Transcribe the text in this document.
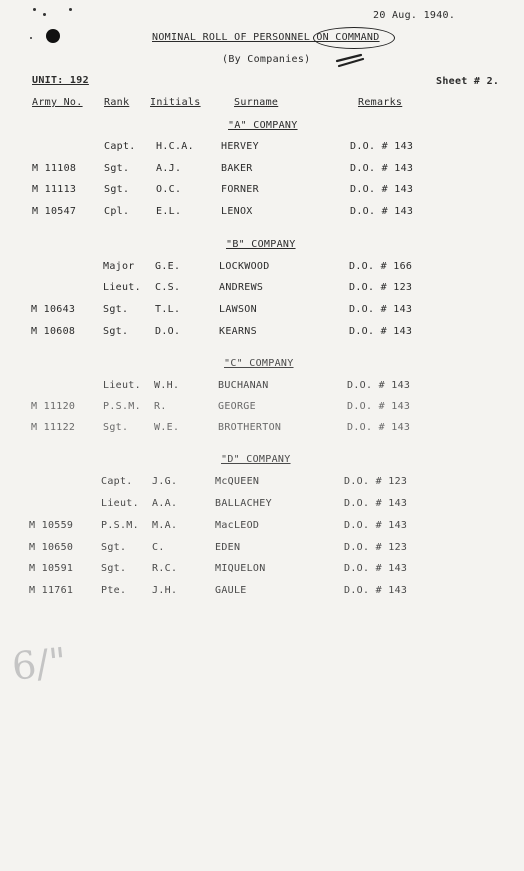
20 Aug. 1940.
NOMINAL ROLL OF PERSONNEL ON COMMAND
(By Companies)
UNIT: 192	Sheet # 2.
Army No. Rank Initials	Surname	Remarks
"A" COMPANY
Capt. H.C.A.	HERVEY	D.O. # 143
M 11108	Sgt.	A.J.	BAKER	D.O. # 143
M 11113	Sgt.	O.C.	FORNER	D.O. # 143
M 10547	Cpl.	E.L.	LENOX	D.O. # 143
"B" COMPANY
Major G.E.	LOCKWOOD	D.O. # 166
Lieut. C.S.	ANDREWS	D.O. # 123
M 10643	Sgt.	T.L.	LAWSON	D.O. # 143
M 10608	Sgt.	D.O.	KEARNS	D.O. # 143
"C" COMPANY
Lieut. W.H.	BUCHANAN	D.O. # 143
M 11120	P.S.M. R.	GEORGE	D.O. # 143
M 11122	Sgt.	W.E.	BROTHERTON	D.O. # 143
"D" COMPANY
Capt. J.G.	McQUEEN	D.O. # 123
Lieut. A.A.	BALLACHEY	D.O. # 143
M 10559	P.S.M. M.A.	MacLEOD	D.O. # 143
M 10650	Sgt.	C.	EDEN	D.O. # 123
M 10591	Sgt.	R.C.	MIQUELON	D.O. # 143
M 11761	Pte.	J.H.	GAULE	D.O. # 143
6/"
